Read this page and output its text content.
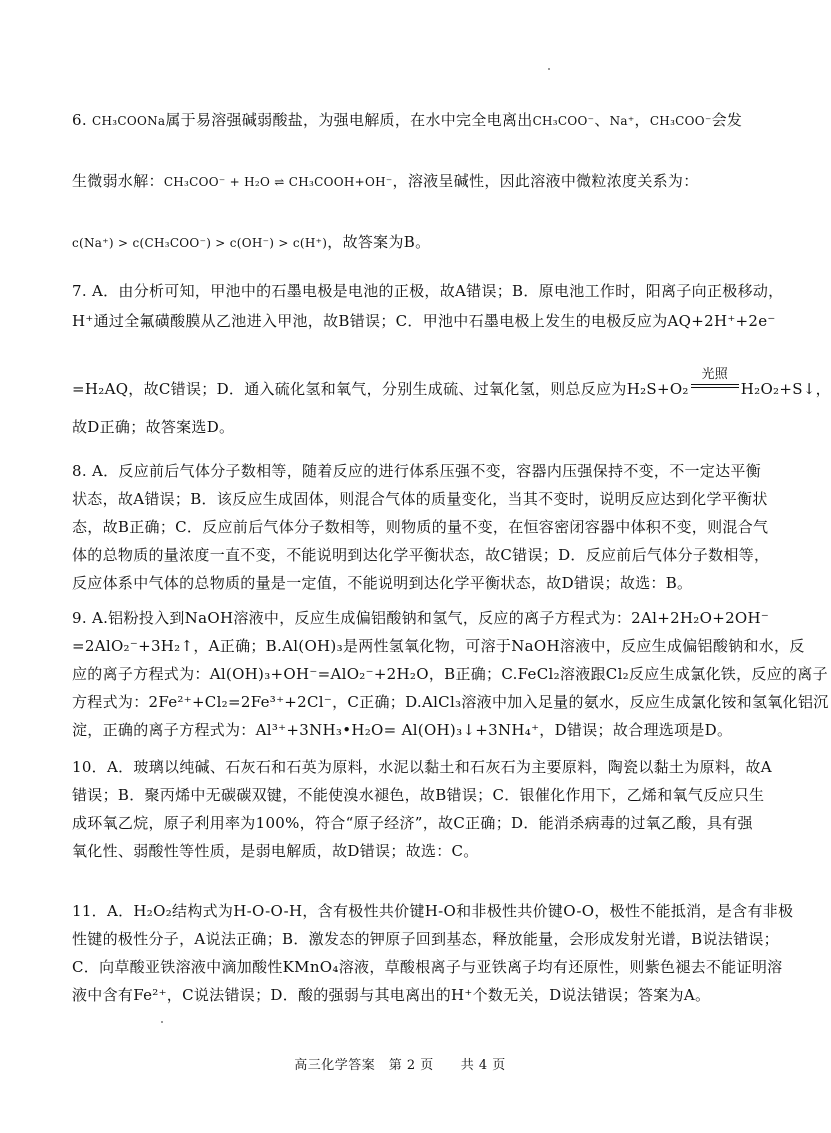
6. CH₃COONa属于易溶强碱弱酸盐，为强电解质，在水中完全电离出CH₃COO⁻、Na⁺，CH₃COO⁻会发
生微弱水解：CH₃COO⁻ + H₂O ⇌ CH₃COOH+OH⁻，溶液呈碱性，因此溶液中微粒浓度关系为：
c(Na⁺) > c(CH₃COO⁻) > c(OH⁻) > c(H⁺)，故答案为B。
7. A．由分析可知，甲池中的石墨电极是电池的正极，故A错误；B．原电池工作时，阳离子向正极移动，
H⁺通过全氟磺酸膜从乙池进入甲池，故B错误；C．甲池中石墨电极上发生的电极反应为AQ+2H⁺+2e⁻
=H₂AQ，故C错误；D．通入硫化氢和氧气，分别生成硫、过氧化氢，则总反应为H₂S+O₂
光照
H₂O₂+S↓，
故D正确；故答案选D。
8. A．反应前后气体分子数相等，随着反应的进行体系压强不变，容器内压强保持不变，不一定达平衡
状态，故A错误；B．该反应生成固体，则混合气体的质量变化，当其不变时，说明反应达到化学平衡状
态，故B正确；C．反应前后气体分子数相等，则物质的量不变，在恒容密闭容器中体积不变，则混合气
体的总物质的量浓度一直不变，不能说明到达化学平衡状态，故C错误；D．反应前后气体分子数相等，
反应体系中气体的总物质的量是一定值，不能说明到达化学平衡状态，故D错误；故选：B。
9. A.铝粉投入到NaOH溶液中，反应生成偏铝酸钠和氢气，反应的离子方程式为：2Al+2H₂O+2OH⁻
=2AlO₂⁻+3H₂↑，A正确；B.Al(OH)₃是两性氢氧化物，可溶于NaOH溶液中，反应生成偏铝酸钠和水，反
应的离子方程式为：Al(OH)₃+OH⁻=AlO₂⁻+2H₂O，B正确；C.FeCl₂溶液跟Cl₂反应生成氯化铁，反应的离子
方程式为：2Fe²⁺+Cl₂=2Fe³⁺+2Cl⁻，C正确；D.AlCl₃溶液中加入足量的氨水，反应生成氯化铵和氢氧化铝沉
淀，正确的离子方程式为：Al³⁺+3NH₃•H₂O= Al(OH)₃↓+3NH₄⁺，D错误；故合理选项是D。
10．A．玻璃以纯碱、石灰石和石英为原料，水泥以黏土和石灰石为主要原料，陶瓷以黏土为原料，故A
错误；B．聚丙烯中无碳碳双键，不能使溴水褪色，故B错误；C．银催化作用下，乙烯和氧气反应只生
成环氧乙烷，原子利用率为100%，符合“原子经济”，故C正确；D．能消杀病毒的过氧乙酸，具有强
氧化性、弱酸性等性质，是弱电解质，故D错误；故选：C。
11．A．H₂O₂结构式为H-O-O-H，含有极性共价键H-O和非极性共价键O-O，极性不能抵消，是含有非极
性键的极性分子，A说法正确；B．激发态的钾原子回到基态，释放能量，会形成发射光谱，B说法错误；
C．向草酸亚铁溶液中滴加酸性KMnO₄溶液，草酸根离子与亚铁离子均有还原性，则紫色褪去不能证明溶
液中含有Fe²⁺，C说法错误；D．酸的强弱与其电离出的H⁺个数无关，D说法错误；答案为A。
高三化学答案　第 2 页　　共 4 页
